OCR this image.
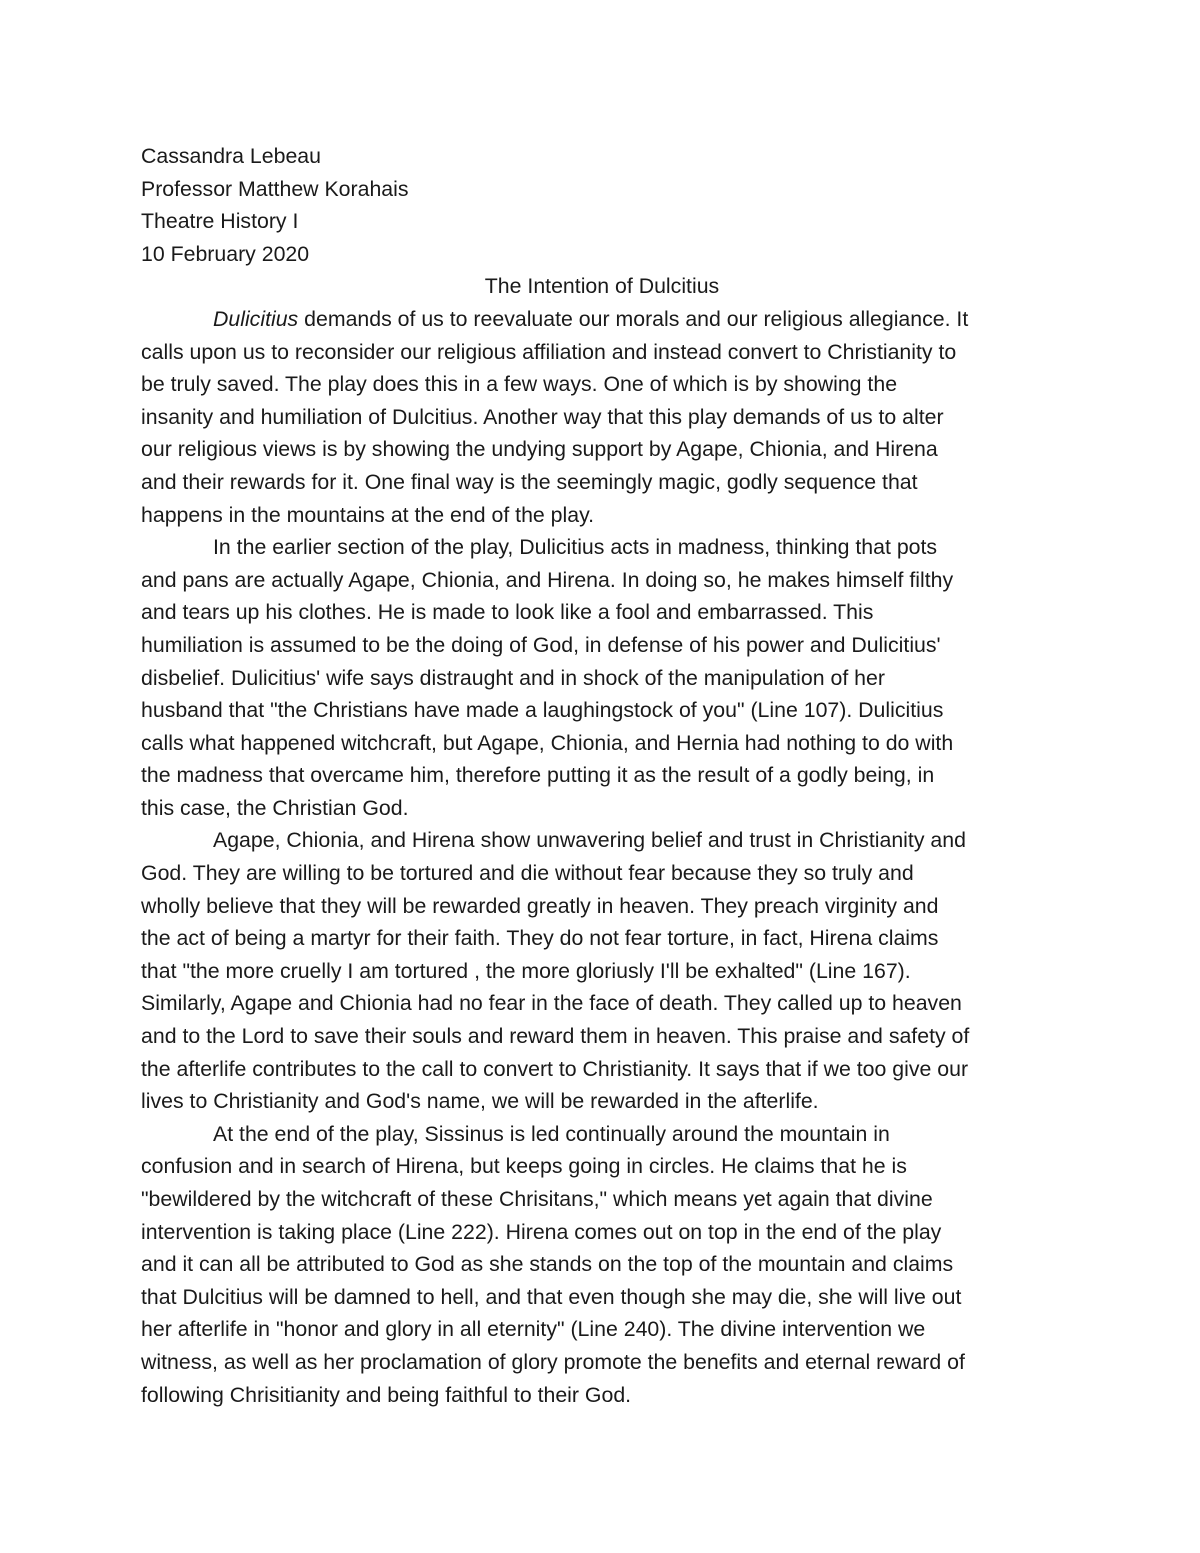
Cassandra Lebeau

Professor Matthew Korahais

Theatre History I

10 February 2020

The Intention of Dulcitius

Dulicitius demands of us to reevaluate our morals and our religious allegiance. It
calls upon us to reconsider our religious affiliation and instead convert to Christianity to
be truly saved. The play does this in a few ways. One of which is by showing the
insanity and humiliation of Dulcitius. Another way that this play demands of us to alter
our religious views is by showing the undying support by Agape, Chionia, and Hirena
and their rewards for it. One final way is the seemingly magic, godly sequence that
happens in the mountains at the end of the play.

In the earlier section of the play, Dulicitius acts in madness, thinking that pots
and pans are actually Agape, Chionia, and Hirena. In doing so, he makes himself filthy
and tears up his clothes. He is made to look like a fool and embarrassed. This
humiliation is assumed to be the doing of God, in defense of his power and Dulicitius'
disbelief. Dulicitius' wife says distraught and in shock of the manipulation of her
husband that "the Christians have made a laughingstock of you" (Line 107). Dulicitius
calls what happened witchcraft, but Agape, Chionia, and Hernia had nothing to do with
the madness that overcame him, therefore putting it as the result of a godly being, in
this case, the Christian God.

Agape, Chionia, and Hirena show unwavering belief and trust in Christianity and
God. They are willing to be tortured and die without fear because they so truly and
wholly believe that they will be rewarded greatly in heaven. They preach virginity and
the act of being a martyr for their faith. They do not fear torture, in fact, Hirena claims
that "the more cruelly I am tortured , the more gloriusly I'll be exhalted" (Line 167).
Similarly, Agape and Chionia had no fear in the face of death. They called up to heaven
and to the Lord to save their souls and reward them in heaven. This praise and safety of
the afterlife contributes to the call to convert to Christianity. It says that if we too give our
lives to Christianity and God's name, we will be rewarded in the afterlife.

At the end of the play, Sissinus is led continually around the mountain in
confusion and in search of Hirena, but keeps going in circles. He claims that he is
"bewildered by the witchcraft of these Chrisitans," which means yet again that divine
intervention is taking place (Line 222). Hirena comes out on top in the end of the play
and it can all be attributed to God as she stands on the top of the mountain and claims
that Dulcitius will be damned to hell, and that even though she may die, she will live out
her afterlife in "honor and glory in all eternity" (Line 240). The divine intervention we
witness, as well as her proclamation of glory promote the benefits and eternal reward of
following Chrisitianity and being faithful to their God.
